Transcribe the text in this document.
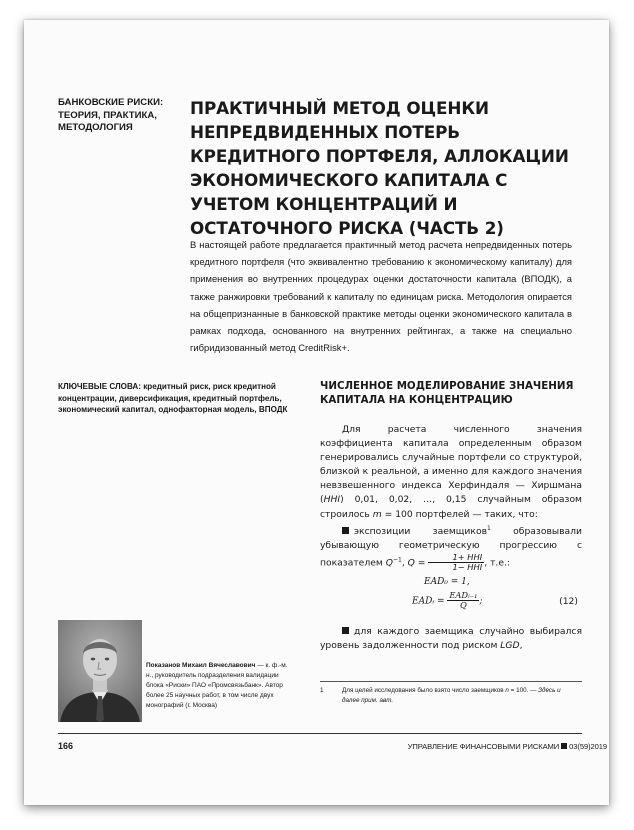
БАНКОВСКИЕ РИСКИ: ТЕОРИЯ, ПРАКТИКА, МЕТОДОЛОГИЯ
ПРАКТИЧНЫЙ МЕТОД ОЦЕНКИ НЕПРЕДВИДЕННЫХ ПОТЕРЬ КРЕДИТНОГО ПОРТФЕЛЯ, АЛЛОКАЦИИ ЭКОНОМИЧЕСКОГО КАПИТАЛА С УЧЕТОМ КОНЦЕНТРАЦИЙ И ОСТАТОЧНОГО РИСКА (ЧАСТЬ 2)

В настоящей работе предлагается практичный метод расчета непредвиденных потерь кредитного портфеля (что эквивалентно требованию к экономическому капиталу) для применения во внутренних процедурах оценки достаточности капитала (ВПОДК), а также ранжировки требований к капиталу по единицам риска. Методология опирается на общепризнанные в банковской практике методы оценки экономического капитала в рамках подхода, основанного на внутренних рейтингах, а также на специально гибридизованный метод CreditRisk+.

КЛЮЧЕВЫЕ СЛОВА: кредитный риск, риск кредитной концентрации, диверсификация, кредитный портфель, экономический капитал, однофакторная модель, ВПОДК

ЧИСЛЕННОЕ МОДЕЛИРОВАНИЕ ЗНАЧЕНИЯ КАПИТАЛА НА КОНЦЕНТРАЦИЮ

Для расчета численного значения коэффициента капитала определенным образом генерировались случайные портфели со структурой, близкой к реальной, а именно для каждого значения невзвешенного индекса Херфиндаля — Хиршмана (HHI) 0,01, 0,02, …, 0,15 случайным образом строилось m = 100 портфелей — таких, что:

экспозиции заемщиков$^1$ образовывали убывающую геометрическую прогрессию с показателем $Q^{-1}$, $Q = \frac{\text{1+ HHI}}{\text{1− HHI}}$ , т.е.:

EAD₀ = 1,
EADᵢ = $\frac{\text{EADᵢ₋₁}}{Q}$ ;	(12)

для каждого заемщика случайно выбирался уровень задолженности под риском LGD,

Показанов Михаил Вячеславович — к. ф.-м. н., руководитель подразделения валидации блока «Риски» ПАО «Промсвязьбанк». Автор более 25 научных работ, в том числе двух монографий (г. Москва)

1	Для целей исследования было взято число заемщиков n = 100. — Здесь и далее прим. авт.

166	УПРАВЛЕНИЕ ФИНАНСОВЫМИ РИСКАМИ 03(59)2019
